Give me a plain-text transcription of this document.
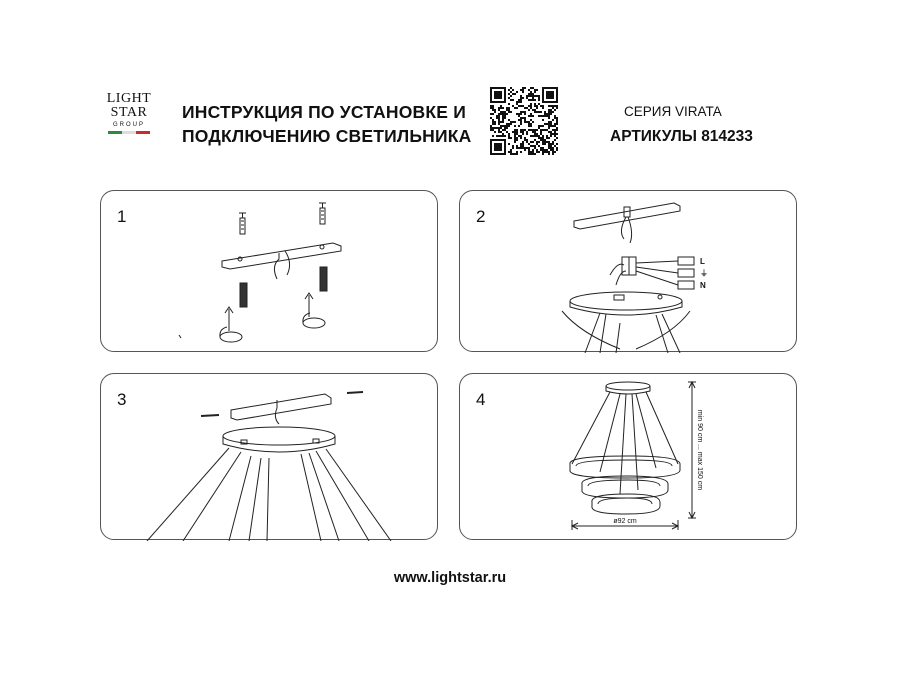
LIGHT
STAR
GROUP
ИНСТРУКЦИЯ ПО УСТАНОВКЕ И
ПОДКЛЮЧЕНИЮ СВЕТИЛЬНИКА
СЕРИЯ VIRATA
АРТИКУЛЫ 814233
1	2
L
⏚
N
3	4
min 90 cm ... max 150 cm
ø92 cm
www.lightstar.ru
